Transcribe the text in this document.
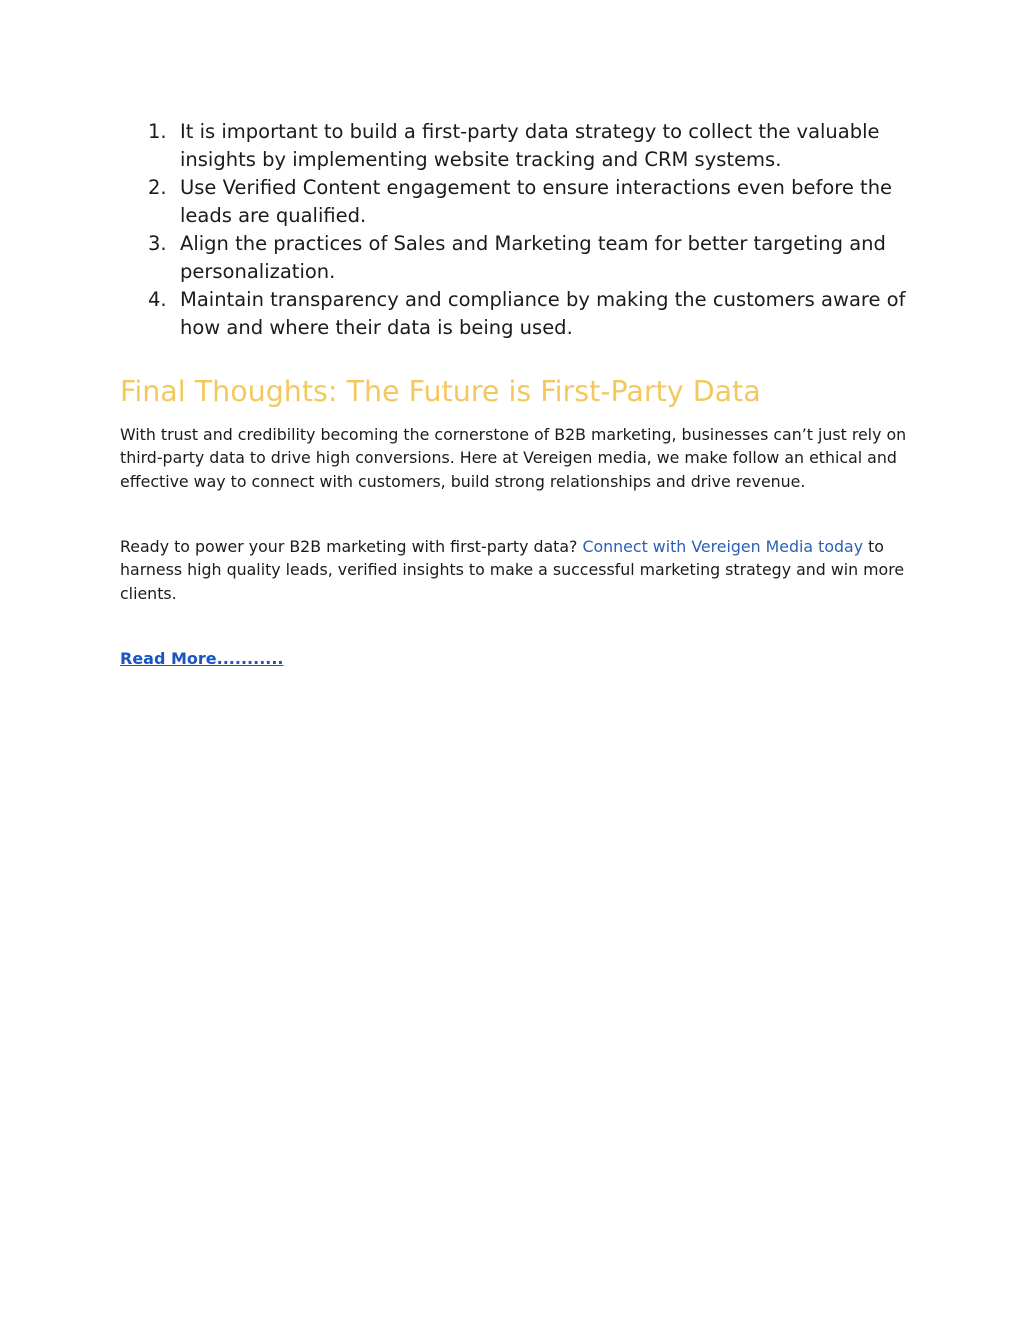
1. It is important to build a first-party data strategy to collect the valuable insights by implementing website tracking and CRM systems.
2. Use Verified Content engagement to ensure interactions even before the leads are qualified.
3. Align the practices of Sales and Marketing team for better targeting and personalization.
4. Maintain transparency and compliance by making the customers aware of how and where their data is being used.
Final Thoughts: The Future is First-Party Data

With trust and credibility becoming the cornerstone of B2B marketing, businesses can’t just rely on third-party data to drive high conversions. Here at Vereigen media, we make follow an ethical and effective way to connect with customers, build strong relationships and drive revenue.

Ready to power your B2B marketing with first-party data? Connect with Vereigen Media today to harness high quality leads, verified insights to make a successful marketing strategy and win more clients.

Read More...........
